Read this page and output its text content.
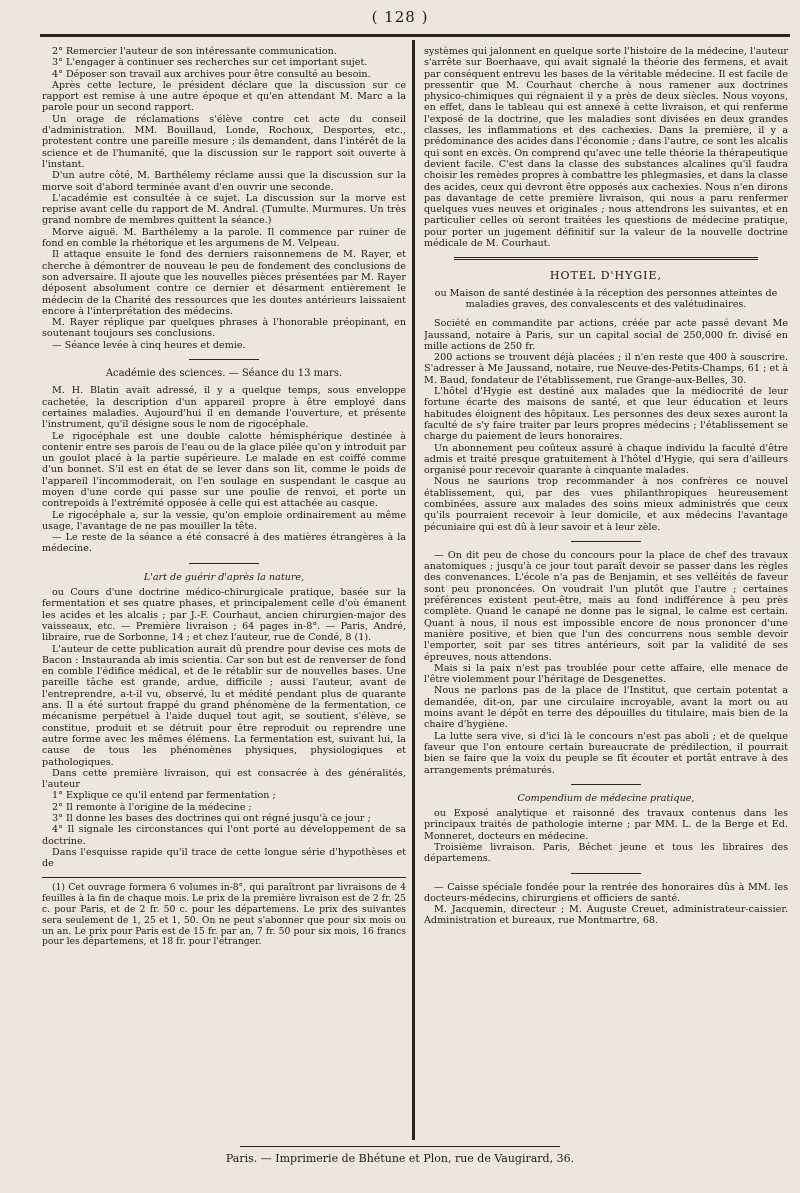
( 128 )

2° Remercier l'auteur de son intéressante communication.

3° L'engager à continuer ses recherches sur cet important sujet.

4° Déposer son travail aux archives pour être consulté au besoin.

Après cette lecture, le président déclare que la discussion sur ce rapport est remise à une autre époque et qu'en attendant M. Marc a la parole pour un second rapport.

Un orage de réclamations s'élève contre cet acte du conseil d'administration. MM. Bouillaud, Londe, Rochoux, Desportes, etc., protestent contre une pareille mesure ; ils demandent, dans l'intérêt de la science et de l'humanité, que la discussion sur le rapport soit ouverte à l'instant.

D'un autre côté, M. Barthélemy réclame aussi que la discussion sur la morve soit d'abord terminée avant d'en ouvrir une seconde.

L'académie est consultée à ce sujet. La discussion sur la morve est reprise avant celle du rapport de M. Andral. (Tumulte. Murmures. Un très grand nombre de membres quittent la séance.)

Morve aiguë. M. Barthélemy a la parole. Il commence par ruiner de fond en comble la rhétorique et les argumens de M. Velpeau.

Il attaque ensuite le fond des derniers raisonnemens de M. Rayer, et cherche à démontrer de nouveau le peu de fondement des conclusions de son adversaire. Il ajoute que les nouvelles pièces présentées par M. Rayer déposent absolument contre ce dernier et désarment entièrement le médecin de la Charité des ressources que les doutes antérieurs laissaient encore à l'interprétation des médecins.

M. Rayer réplique par quelques phrases à l'honorable préopinant, en soutenant toujours ses conclusions.

— Séance levée à cinq heures et demie.

Académie des sciences. — Séance du 13 mars.

M. H. Blatin avait adressé, il y a quelque temps, sous enveloppe cachetée, la description d'un appareil propre à être employé dans certaines maladies. Aujourd'hui il en demande l'ouverture, et présente l'instrument, qu'il désigne sous le nom de rigocéphale.

Le rigocéphale est une double calotte hémisphérique destinée à contenir entre ses parois de l'eau ou de la glace pilée qu'on y introduit par un goulot placé à la partie supérieure. Le malade en est coiffé comme d'un bonnet. S'il est en état de se lever dans son lit, comme le poids de l'appareil l'incommoderait, on l'en soulage en suspendant le casque au moyen d'une corde qui passe sur une poulie de renvoi, et porte un contrepoids à l'extrémité opposée à celle qui est attachée au casque.

Le rigocéphale a, sur la vessie, qu'on emploie ordinairement au même usage, l'avantage de ne pas mouiller la tête.

— Le reste de la séance a été consacré à des matières étrangères à la médecine.

L'art de guérir d'après la nature,

ou Cours d'une doctrine médico-chirurgicale pratique, basée sur la fermentation et ses quatre phases, et principalement celle d'où émanent les acides et les alcalis ; par J.-F. Courhaut, ancien chirurgien-major des vaisseaux, etc. — Première livraison ; 64 pages in-8°. — Paris, André, libraire, rue de Sorbonne, 14 ; et chez l'auteur, rue de Condé, 8 (1).

L'auteur de cette publication aurait dû prendre pour devise ces mots de Bacon : Instauranda ab imis scientia. Car son but est de renverser de fond en comble l'édifice médical, et de le rétablir sur de nouvelles bases. Une pareille tâche est grande, ardue, difficile ; aussi l'auteur, avant de l'entreprendre, a-t-il vu, observé, lu et médité pendant plus de quarante ans. Il a été surtout frappé du grand phénomène de la fermentation, ce mécanisme perpétuel à l'aide duquel tout agit, se soutient, s'élève, se constitue, produit et se détruit pour être reproduit ou reprendre une autre forme avec les mêmes élémens. La fermentation est, suivant lui, la cause de tous les phénomènes physiques, physiologiques et pathologiques.

Dans cette première livraison, qui est consacrée à des généralités, l'auteur

1° Explique ce qu'il entend par fermentation ;

2° Il remonte à l'origine de la médecine ;

3° Il donne les bases des doctrines qui ont régné jusqu'à ce jour ;

4° Il signale les circonstances qui l'ont porté au développement de sa doctrine.

Dans l'esquisse rapide qu'il trace de cette longue série d'hypothèses et de

(1) Cet ouvrage formera 6 volumes in-8°, qui paraîtront par livraisons de 4 feuilles à la fin de chaque mois. Le prix de la première livraison est de 2 fr. 25 c. pour Paris, et de 2 fr. 50 c. pour les départemens. Le prix des suivantes sera seulement de 1, 25 et 1, 50. On ne peut s'abonner que pour six mois ou un an. Le prix pour Paris est de 15 fr. par an, 7 fr. 50 pour six mois, 16 francs pour les départemens, et 18 fr. pour l'étranger.

systèmes qui jalonnent en quelque sorte l'histoire de la médecine, l'auteur s'arrête sur Boerhaave, qui avait signalé la théorie des fermens, et avait par conséquent entrevu les bases de la véritable médecine. Il est facile de pressentir que M. Courhaut cherche à nous ramener aux doctrines physico-chimiques qui régnaient il y a près de deux siècles. Nous voyons, en effet, dans le tableau qui est annexé à cette livraison, et qui renferme l'exposé de la doctrine, que les maladies sont divisées en deux grandes classes, les inflammations et des cachexies. Dans la première, il y a prédominance des acides dans l'économie ; dans l'autre, ce sont les alcalis qui sont en excès. On comprend qu'avec une telle théorie la thérapeutique devient facile. C'est dans la classe des substances alcalines qu'il faudra choisir les remèdes propres à combattre les phlegmasies, et dans la classe des acides, ceux qui devront être opposés aux cachexies. Nous n'en dirons pas davantage de cette première livraison, qui nous a paru renfermer quelques vues neuves et originales ; nous attendrons les suivantes, et en particulier celles où seront traitées les questions de médecine pratique, pour porter un jugement définitif sur la valeur de la nouvelle doctrine médicale de M. Courhaut.

HOTEL D'HYGIE,

ou Maison de santé destinée à la réception des personnes atteintes de maladies graves, des convalescents et des valétudinaires.

Société en commandite par actions, créée par acte passé devant Me Jaussand, notaire à Paris, sur un capital social de 250,000 fr. divisé en mille actions de 250 fr.

200 actions se trouvent déjà placées ; il n'en reste que 400 à souscrire. S'adresser à Me Jaussand, notaire, rue Neuve-des-Petits-Champs, 61 ; et à M. Baud, fondateur de l'établissement, rue Grange-aux-Belles, 30.

L'hôtel d'Hygie est destiné aux malades que la médiocrité de leur fortune écarte des maisons de santé, et que leur éducation et leurs habitudes éloignent des hôpitaux. Les personnes des deux sexes auront la faculté de s'y faire traiter par leurs propres médecins ; l'établissement se charge du paiement de leurs honoraires.

Un abonnement peu coûteux assuré à chaque individu la faculté d'être admis et traité presque gratuitement à l'hôtel d'Hygie, qui sera d'ailleurs organisé pour recevoir quarante à cinquante malades.

Nous ne saurions trop recommander à nos confrères ce nouvel établissement, qui, par des vues philanthropiques heureusement combinées, assure aux malades des soins mieux administrés que ceux qu'ils pourraient recevoir à leur domicile, et aux médecins l'avantage pécuniaire qui est dû à leur savoir et à leur zèle.

— On dit peu de chose du concours pour la place de chef des travaux anatomiques ; jusqu'à ce jour tout paraît devoir se passer dans les règles des convenances. L'école n'a pas de Benjamin, et ses velléités de faveur sont peu prononcées. On voudrait l'un plutôt que l'autre ; certaines préférences existent peut-être, mais au fond indifférence à peu près complète. Quand le canapé ne donne pas le signal, le calme est certain. Quant à nous, il nous est impossible encore de nous prononcer d'une manière positive, et bien que l'un des concurrens nous semble devoir l'emporter, soit par ses titres antérieurs, soit par la validité de ses épreuves, nous attendons.

Mais si la paix n'est pas troublée pour cette affaire, elle menace de l'être violemment pour l'héritage de Desgenettes.

Nous ne parlons pas de la place de l'Institut, que certain potentat a demandée, dit-on, par une circulaire incroyable, avant la mort ou au moins avant le dépôt en terre des dépouilles du titulaire, mais bien de la chaire d'hygiène.

La lutte sera vive, si d'ici là le concours n'est pas aboli ; et de quelque faveur que l'on entoure certain bureaucrate de prédilection, il pourrait bien se faire que la voix du peuple se fît écouter et portât entrave à des arrangements prématurés.

Compendium de médecine pratique,

ou Exposé analytique et raisonné des travaux contenus dans les principaux traités de pathologie interne ; par MM. L. de la Berge et Ed. Monneret, docteurs en médecine.

Troisième livraison. Paris, Béchet jeune et tous les libraires des départemens.

— Caisse spéciale fondée pour la rentrée des honoraires dûs à MM. les docteurs-médecins, chirurgiens et officiers de santé.

M. Jacquemin, directeur ; M. Auguste Creuet, administrateur-caissier. Administration et bureaux, rue Montmartre, 68.

Paris. — Imprimerie de Bhétune et Plon, rue de Vaugirard, 36.
